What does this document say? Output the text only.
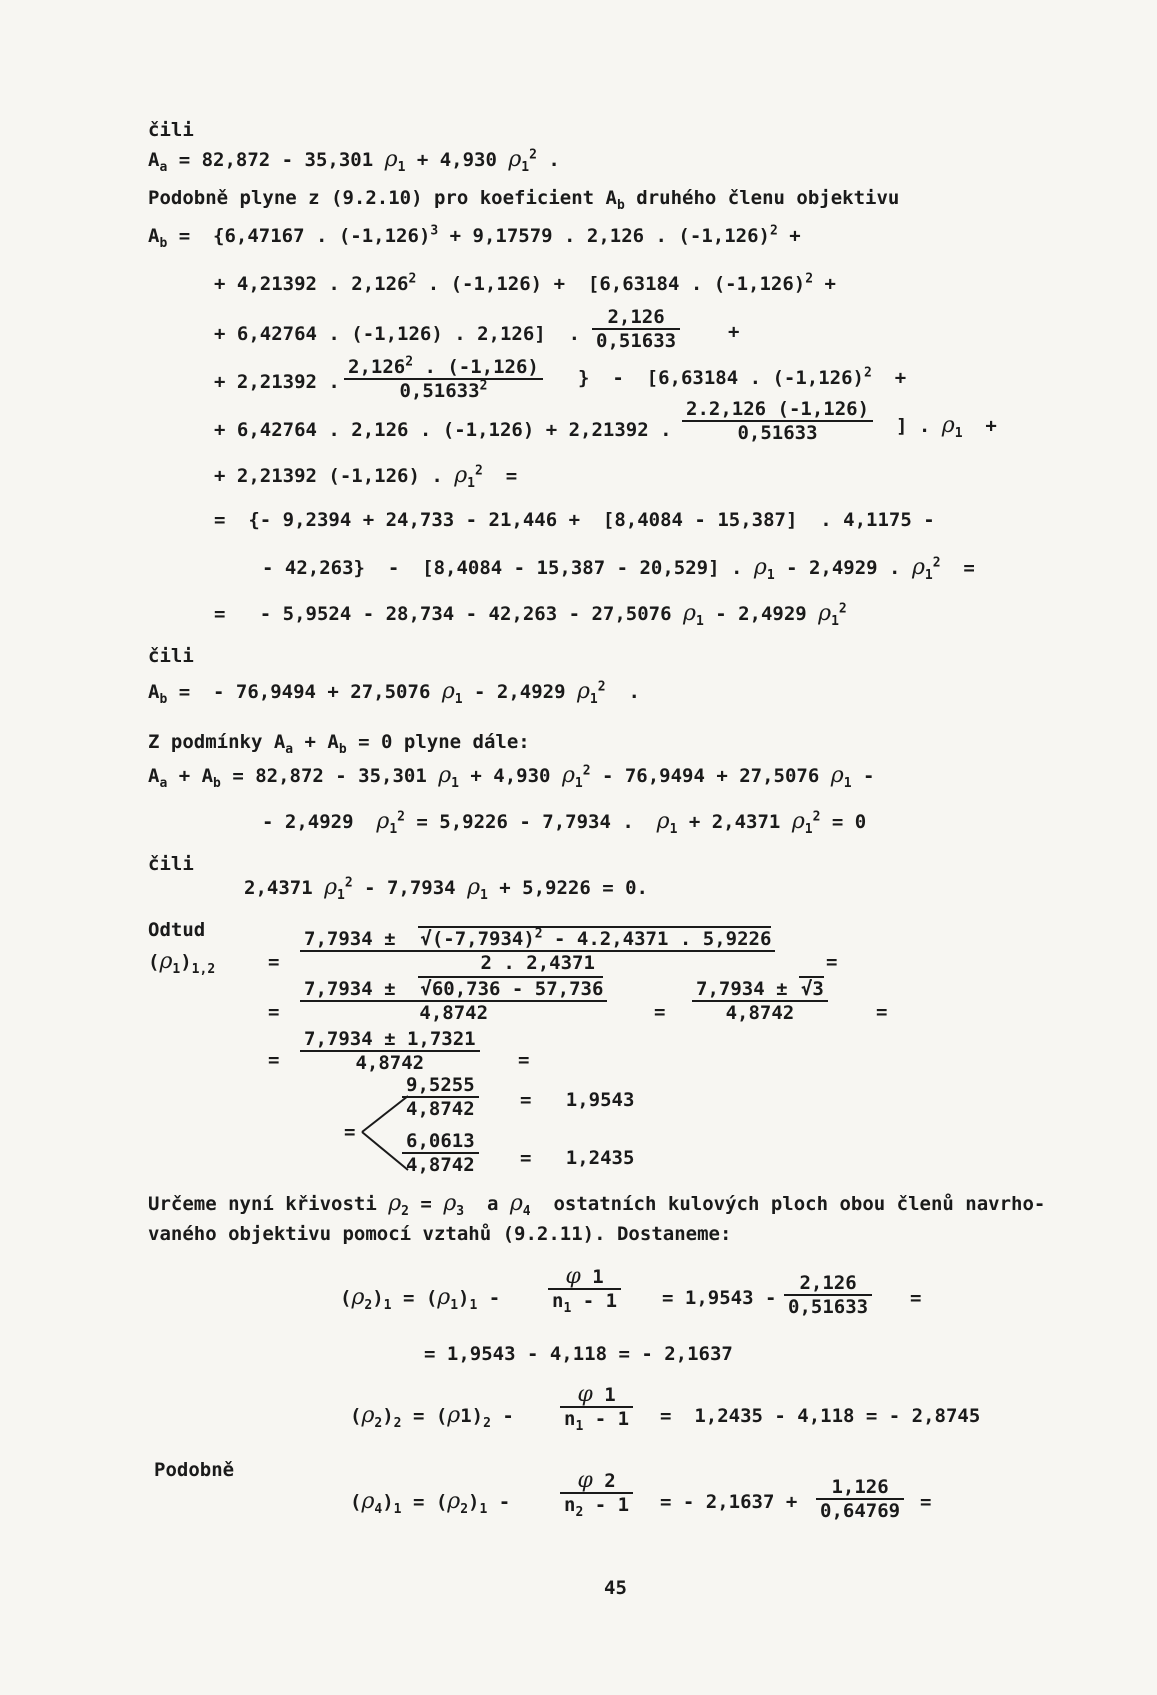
čili
$A_a = 82,872 - 35,301$ $\rho_1 + 4,930$ $\rho_1^2$ .
Podobně plyne z (9.2.10) pro koeficient $A_b$ druhého členu objektivu
$A_b = \{6,47167$ . $(-1,126)^3 + 9,17579$ . 2,126 . $(-1,126)^2$ +
+ 4,21392 . 2,126$^2$ . (-1,126) +  [6,63184 . $(-1,126)^2$ +
+ 6,42764 . (-1,126) . 2,126]  .
2,126
0,51633	+
+ 2,21392 .
2,126$^2$ . (-1,126)
0,51633$^2$	}  -  [6,63184 . $(-1,126)^2$  +
+ 6,42764 . 2,126 . (-1,126) + 2,21392 .
2.2,126 (-1,126)
0,51633	] . $\rho_1$  +
+ 2,21392 (-1,126) . $\rho_1^2$  =
=  {- 9,2394 + 24,733 - 21,446 +  [8,4084 - 15,387]  . 4,1175 -
- 42,263}  -  [8,4084 - 15,387 - 20,529] . $\rho_1 - 2,4929$ . $\rho_1^2$  =
=   - 5,9524 - 28,734 - 42,263 - 27,5076 $\rho_1 - 2,4929$ $\rho_1^2$
čili
$A_b$ =  - 76,9494 + 27,5076 $\rho_1 - 2,4929$ $\rho_1^2$  .
Z podmínky $A_a + A_b = 0$ plyne dále:
$A_a + A_b = 82,872 - 35,301$ $\rho_1 + 4,930$ $\rho_1^2 - 76,9494 + 27,5076$ $\rho_1$ -
- 2,4929  $\rho_1^2 = 5,9226 - 7,7934$ .  $\rho_1 + 2,4371$ $\rho_1^2 = 0$
čili
2,4371 $\rho_1^2 - 7,7934$ $\rho_1 + 5,9226 = 0$.
Odtud
$(\rho_1)_{1,2}$	=
$7,7934 \pm √(-7,7934)^2 - 4.2,4371$ . 5,9226
2 . 2,4371	=
=
7,7934 ±  √60,736 - 57,736
4,8742	=
7,7934 ± √3
4,8742	=
=
7,7934 ± 1,7321
4,8742	=
=
9,5255
4,8742 =   1,9543
6,0613
4,8742 =   1,2435
Určeme nyní křivosti $\rho_2 = \rho_3$  a $\rho_4$  ostatních kulových ploch obou členů navrho-
vaného objektivu pomocí vztahů (9.2.11). Dostaneme:
$(\rho_2)_1 = (\rho_1)_1$ -
φ 1
$n_1 - 1 = 1,9543$ -
2,126
0,51633 =
= 1,9543 - 4,118 = - 2,1637
$(\rho_2)_2 = (\rho 1)_2$ -
φ 1
$n_1 - 1 = 1,2435 - 4,118$ = - 2,8745
Podobně
$(\rho_4)_1 = (\rho_2)_1$ -
φ 2
$n_2 - 1$ = - 2,1637 +
1,126
0,64769 =
45
